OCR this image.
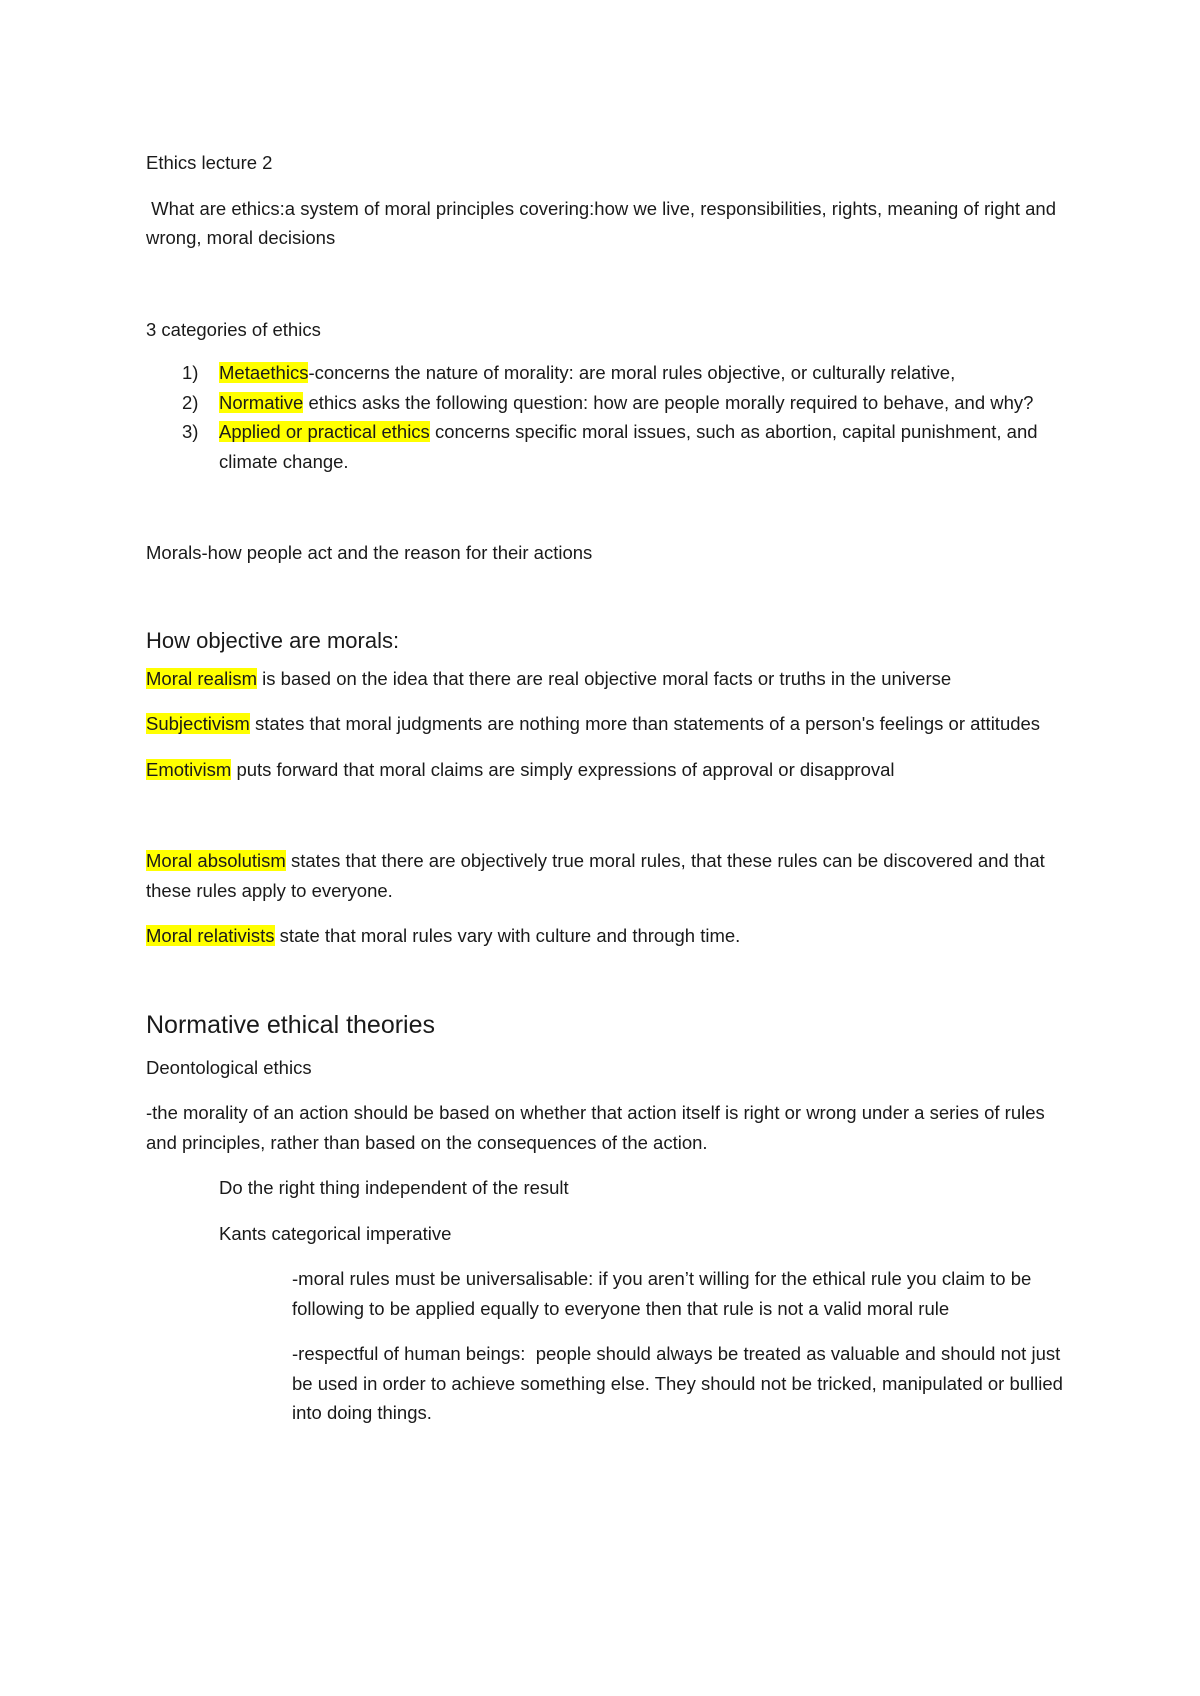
Ethics lecture 2

What are ethics:a system of moral principles covering:how we live, responsibilities, rights, meaning of right and wrong, moral decisions

3 categories of ethics

1) Metaethics-concerns the nature of morality: are moral rules objective, or culturally relative,
2) Normative ethics asks the following question: how are people morally required to behave, and why?
3) Applied or practical ethics concerns specific moral issues, such as abortion, capital punishment, and climate change.

Morals-how people act and the reason for their actions

How objective are morals:

Moral realism is based on the idea that there are real objective moral facts or truths in the universe

Subjectivism states that moral judgments are nothing more than statements of a person's feelings or attitudes

Emotivism puts forward that moral claims are simply expressions of approval or disapproval

Moral absolutism states that there are objectively true moral rules, that these rules can be discovered and that these rules apply to everyone.

Moral relativists state that moral rules vary with culture and through time.

Normative ethical theories

Deontological ethics

-the morality of an action should be based on whether that action itself is right or wrong under a series of rules and principles, rather than based on the consequences of the action.

Do the right thing independent of the result

Kants categorical imperative

-moral rules must be universalisable: if you aren’t willing for the ethical rule you claim to be following to be applied equally to everyone then that rule is not a valid moral rule

-respectful of human beings:  people should always be treated as valuable and should not just be used in order to achieve something else. They should not be tricked, manipulated or bullied into doing things.
